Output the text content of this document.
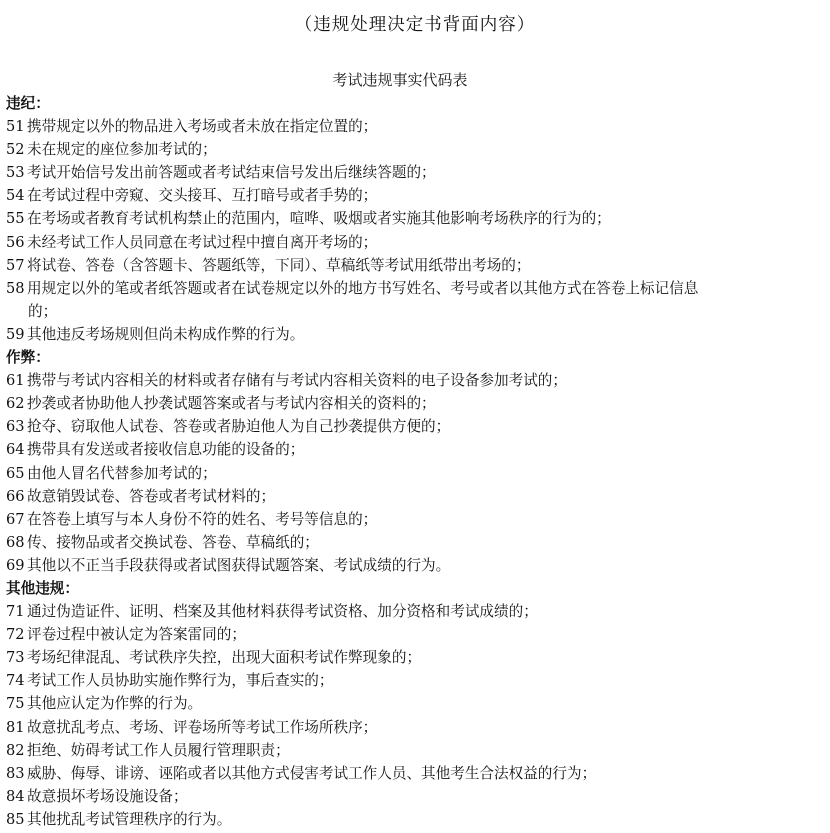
（违规处理决定书背面内容）
考试违规事实代码表
违纪：
51 携带规定以外的物品进入考场或者未放在指定位置的；
52 未在规定的座位参加考试的；
53 考试开始信号发出前答题或者考试结束信号发出后继续答题的；
54 在考试过程中旁窥、交头接耳、互打暗号或者手势的；
55 在考场或者教育考试机构禁止的范围内，喧哗、吸烟或者实施其他影响考场秩序的行为的；
56 未经考试工作人员同意在考试过程中擅自离开考场的；
57 将试卷、答卷（含答题卡、答题纸等，下同）、草稿纸等考试用纸带出考场的；
58 用规定以外的笔或者纸答题或者在试卷规定以外的地方书写姓名、考号或者以其他方式在答卷上标记信息
的；
59 其他违反考场规则但尚未构成作弊的行为。
作弊：
61 携带与考试内容相关的材料或者存储有与考试内容相关资料的电子设备参加考试的；
62 抄袭或者协助他人抄袭试题答案或者与考试内容相关的资料的；
63 抢夺、窃取他人试卷、答卷或者胁迫他人为自己抄袭提供方便的；
64 携带具有发送或者接收信息功能的设备的；
65 由他人冒名代替参加考试的；
66 故意销毁试卷、答卷或者考试材料的；
67 在答卷上填写与本人身份不符的姓名、考号等信息的；
68 传、接物品或者交换试卷、答卷、草稿纸的；
69 其他以不正当手段获得或者试图获得试题答案、考试成绩的行为。
其他违规：
71 通过伪造证件、证明、档案及其他材料获得考试资格、加分资格和考试成绩的；
72 评卷过程中被认定为答案雷同的；
73 考场纪律混乱、考试秩序失控，出现大面积考试作弊现象的；
74 考试工作人员协助实施作弊行为，事后查实的；
75 其他应认定为作弊的行为。
81 故意扰乱考点、考场、评卷场所等考试工作场所秩序；
82 拒绝、妨碍考试工作人员履行管理职责；
83 威胁、侮辱、诽谤、诬陷或者以其他方式侵害考试工作人员、其他考生合法权益的行为；
84 故意损坏考场设施设备；
85 其他扰乱考试管理秩序的行为。
